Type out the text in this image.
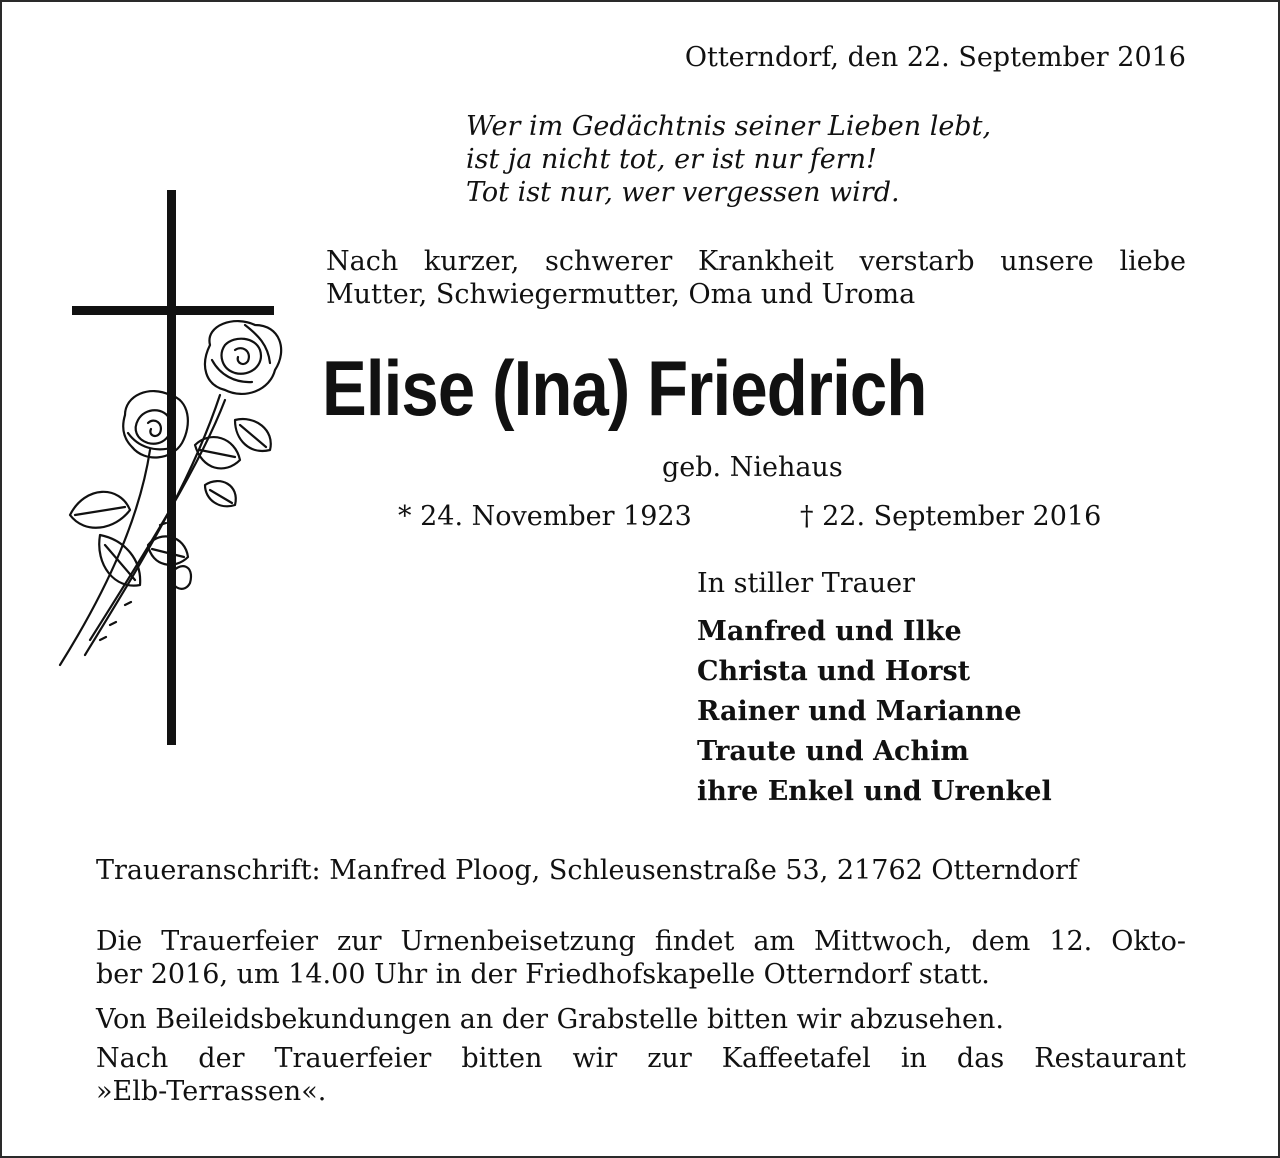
Otterndorf, den 22. September 2016
Wer im Gedächtnis seiner Lieben lebt,
ist ja nicht tot, er ist nur fern!
Tot ist nur, wer vergessen wird.
Nach kurzer, schwerer Krankheit verstarb unsere liebe
Mutter, Schwiegermutter, Oma und Uroma
Elise (Ina) Friedrich
geb. Niehaus
* 24. November 1923	† 22. September 2016
In stiller Trauer
Manfred und Ilke
Christa und Horst
Rainer und Marianne
Traute und Achim
ihre Enkel und Urenkel
Traueranschrift: Manfred Ploog, Schleusenstraße 53, 21762 Otterndorf
Die Trauerfeier zur Urnenbeisetzung findet am Mittwoch, dem 12. Okto-
ber 2016, um 14.00 Uhr in der Friedhofskapelle Otterndorf statt.
Von Beileidsbekundungen an der Grabstelle bitten wir abzusehen.
Nach der Trauerfeier bitten wir zur Kaffeetafel in das Restaurant
»Elb-Terrassen«.
